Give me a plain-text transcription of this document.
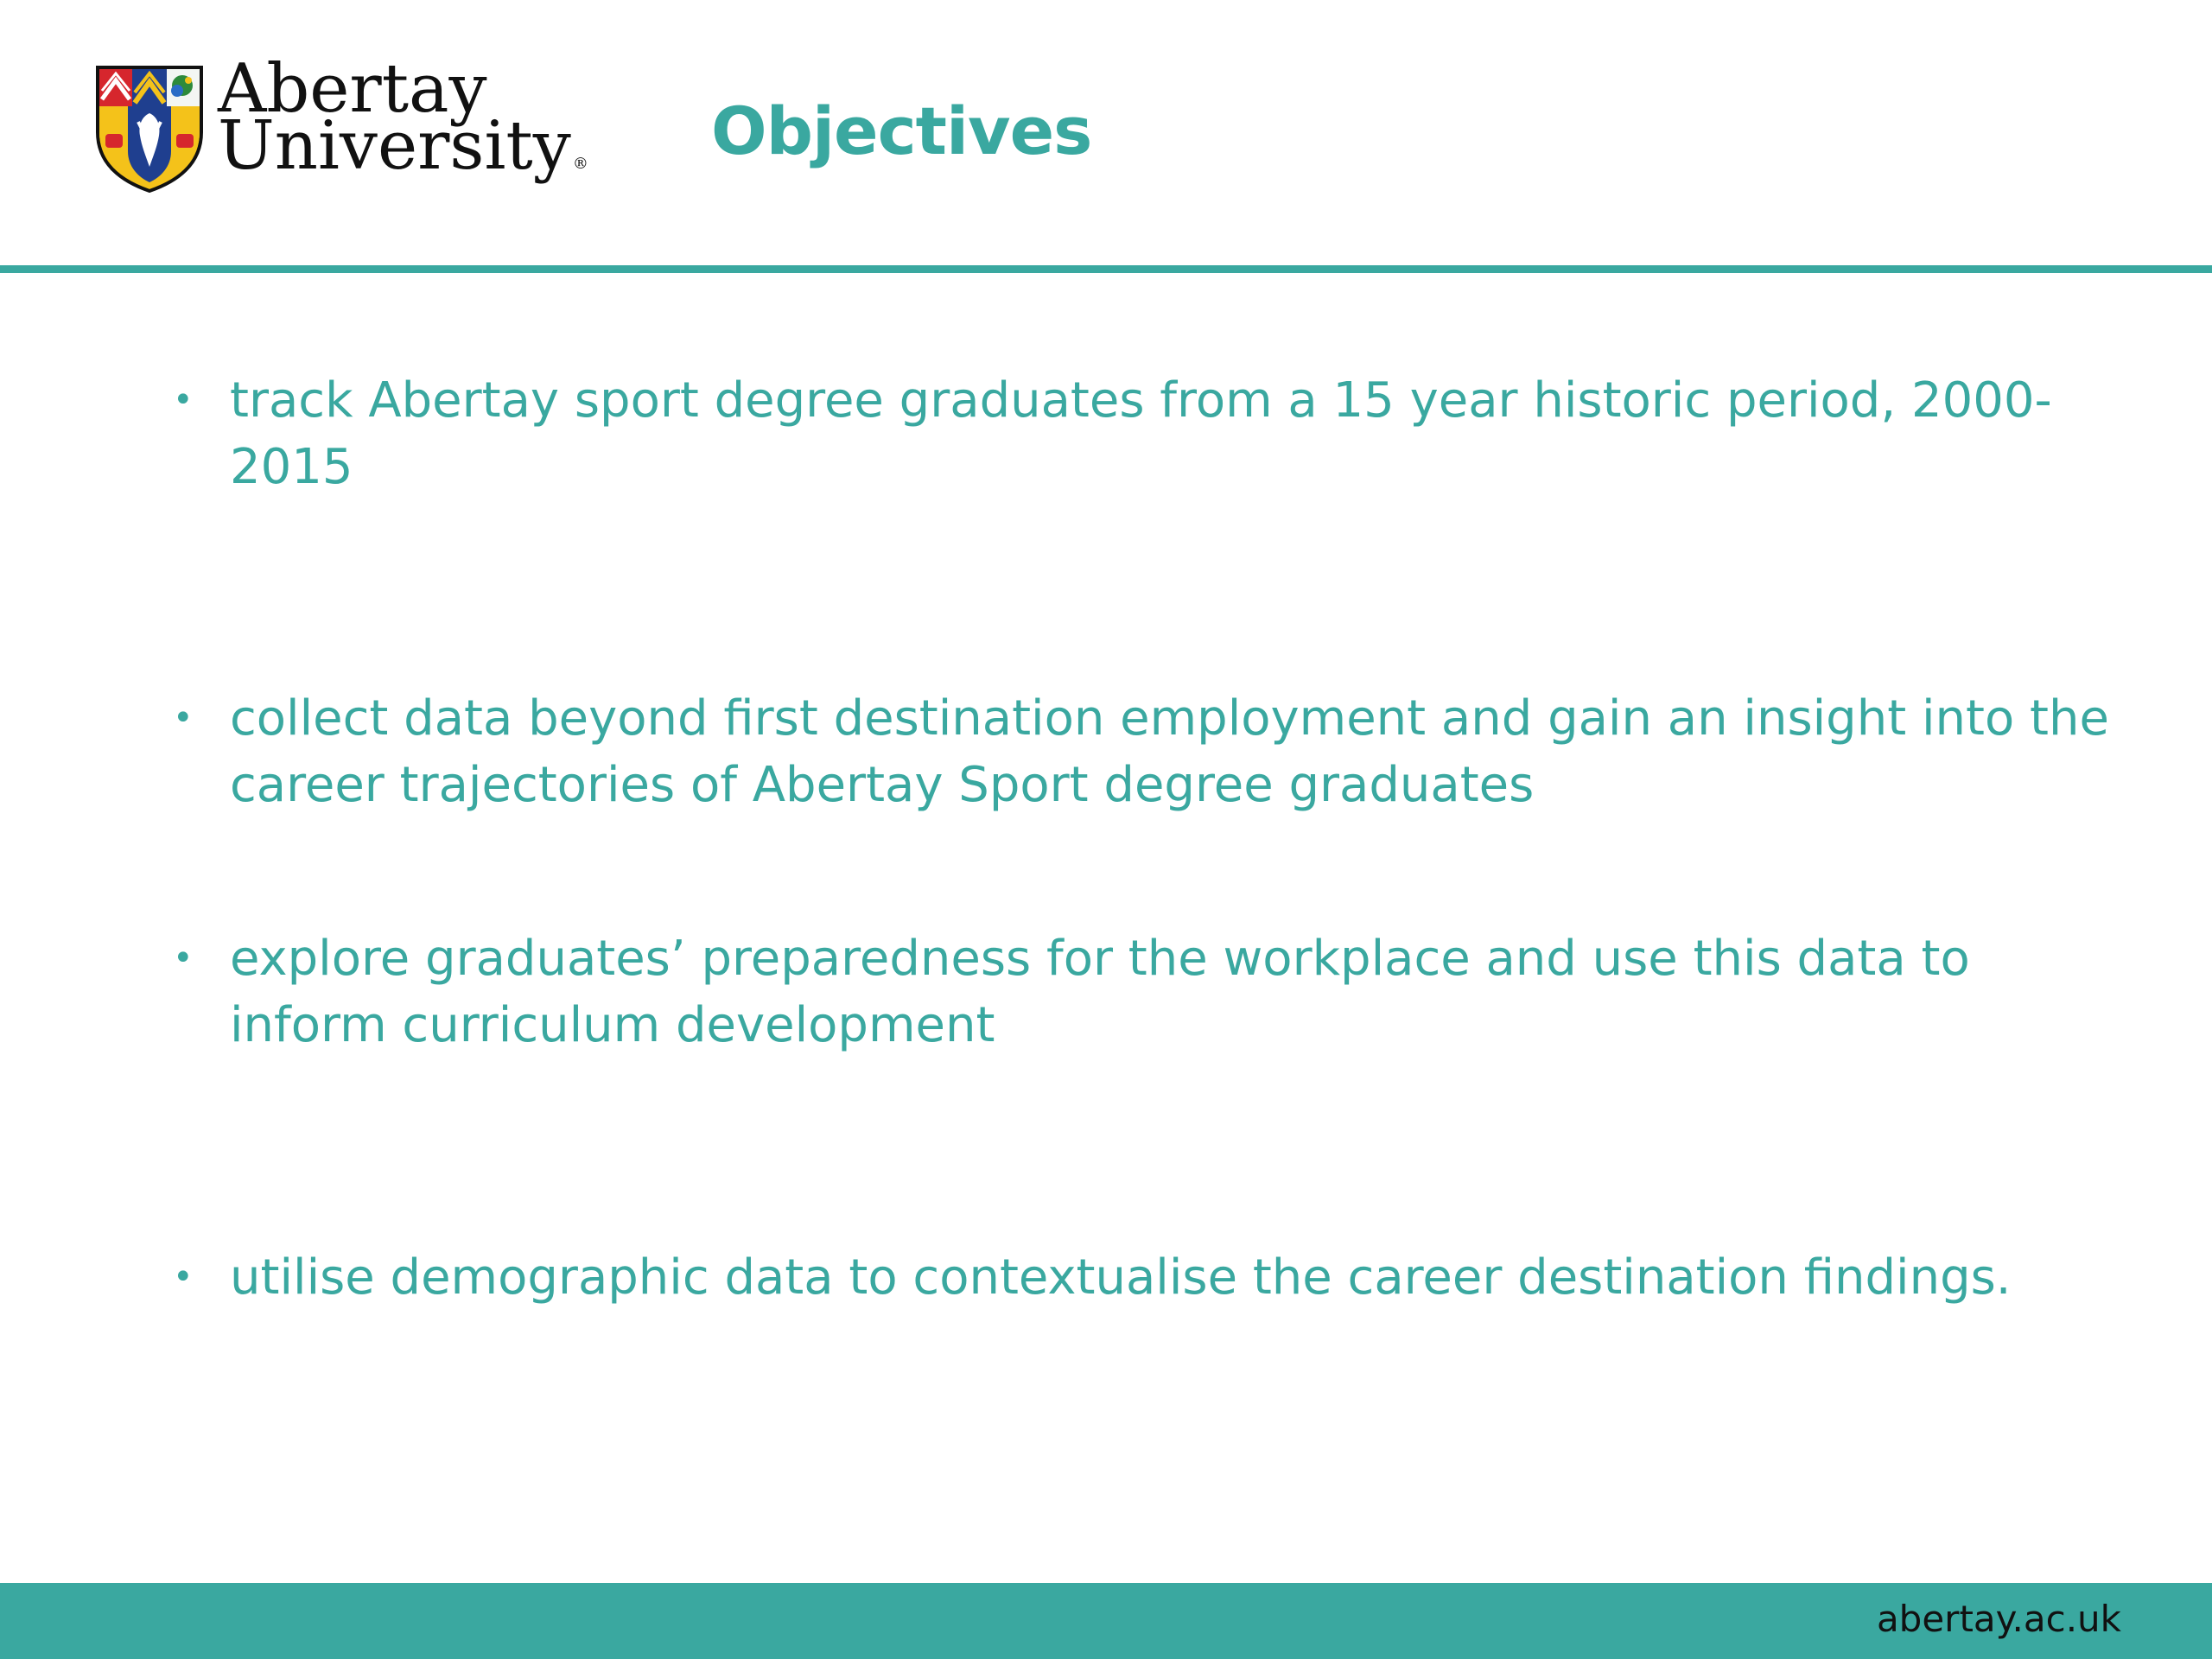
Abertay
University ® Objectives
• track Abertay sport degree graduates from a 15 year historic period, 2000-2015
• collect data beyond first destination employment and gain an insight into the career trajectories of Abertay Sport degree graduates
• explore graduates’ preparedness for the workplace and use this data to inform curriculum development
• utilise demographic data to contextualise the career destination findings.

abertay.ac.uk
